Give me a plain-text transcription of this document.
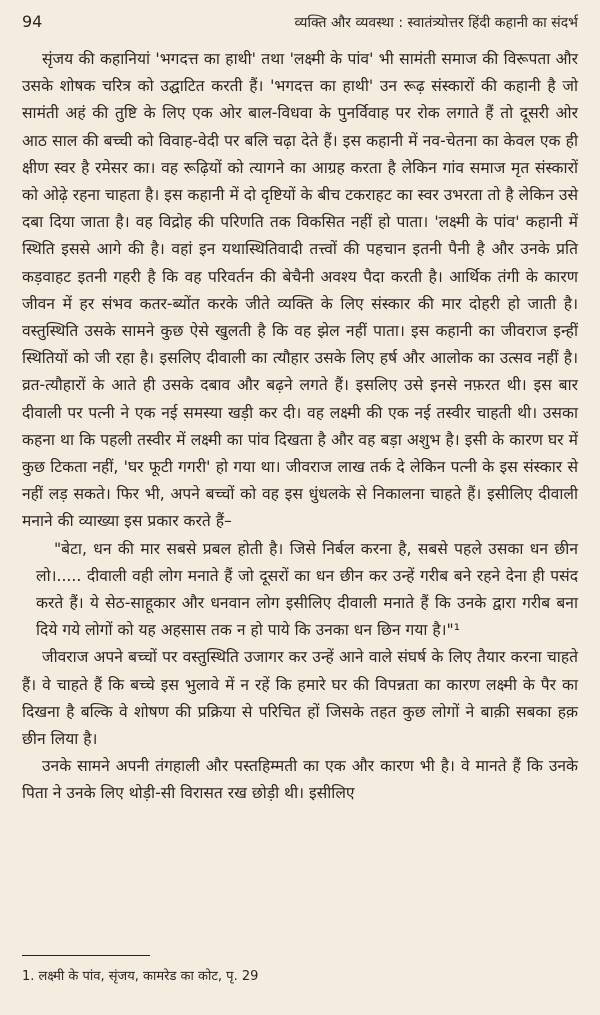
94	व्यक्ति और व्यवस्था : स्वातंत्र्योत्तर हिंदी कहानी का संदर्भ

सृंजय की कहानियां 'भगदत्त का हाथी' तथा 'लक्ष्मी के पांव' भी सामंती समाज की विरूपता और उसके शोषक चरित्र को उद्घाटित करती हैं। 'भगदत्त का हाथी' उन रूढ़ संस्कारों की कहानी है जो सामंती अहं की तुष्टि के लिए एक ओर बाल-विधवा के पुनर्विवाह पर रोक लगाते हैं तो दूसरी ओर आठ साल की बच्ची को विवाह-वेदी पर बलि चढ़ा देते हैं। इस कहानी में नव-चेतना का केवल एक ही क्षीण स्वर है रमेसर का। वह रूढ़ियों को त्यागने का आग्रह करता है लेकिन गांव समाज मृत संस्कारों को ओढ़े रहना चाहता है। इस कहानी में दो दृष्टियों के बीच टकराहट का स्वर उभरता तो है लेकिन उसे दबा दिया जाता है। वह विद्रोह की परिणति तक विकसित नहीं हो पाता। 'लक्ष्मी के पांव' कहानी में स्थिति इससे आगे की है। वहां इन यथास्थितिवादी तत्त्वों की पहचान इतनी पैनी है और उनके प्रति कड़वाहट इतनी गहरी है कि वह परिवर्तन की बेचैनी अवश्य पैदा करती है। आर्थिक तंगी के कारण जीवन में हर संभव कतर-ब्योंत करके जीते व्यक्ति के लिए संस्कार की मार दोहरी हो जाती है। वस्तुस्थिति उसके सामने कुछ ऐसे खुलती है कि वह झेल नहीं पाता। इस कहानी का जीवराज इन्हीं स्थितियों को जी रहा है। इसलिए दीवाली का त्यौहार उसके लिए हर्ष और आलोक का उत्सव नहीं है। व्रत-त्यौहारों के आते ही उसके दबाव और बढ़ने लगते हैं। इसलिए उसे इनसे नफ़रत थी। इस बार दीवाली पर पत्नी ने एक नई समस्या खड़ी कर दी। वह लक्ष्मी की एक नई तस्वीर चाहती थी। उसका कहना था कि पहली तस्वीर में लक्ष्मी का पांव दिखता है और वह बड़ा अशुभ है। इसी के कारण घर में कुछ टिकता नहीं, 'घर फूटी गगरी' हो गया था। जीवराज लाख तर्क दे लेकिन पत्नी के इस संस्कार से नहीं लड़ सकते। फिर भी, अपने बच्चों को वह इस धुंधलके से निकालना चाहते हैं। इसीलिए दीवाली मनाने की व्याख्या इस प्रकार करते हैं–

"बेटा, धन की मार सबसे प्रबल होती है। जिसे निर्बल करना है, सबसे पहले उसका धन छीन लो।..... दीवाली वही लोग मनाते हैं जो दूसरों का धन छीन कर उन्हें गरीब बने रहने देना ही पसंद करते हैं। ये सेठ-साहूकार और धनवान लोग इसीलिए दीवाली मनाते हैं कि उनके द्वारा गरीब बना दिये गये लोगों को यह अहसास तक न हो पाये कि उनका धन छिन गया है।"¹

जीवराज अपने बच्चों पर वस्तुस्थिति उजागर कर उन्हें आने वाले संघर्ष के लिए तैयार करना चाहते हैं। वे चाहते हैं कि बच्चे इस भुलावे में न रहें कि हमारे घर की विपन्नता का कारण लक्ष्मी के पैर का दिखना है बल्कि वे शोषण की प्रक्रिया से परिचित हों जिसके तहत कुछ लोगों ने बाक़ी सबका हक़ छीन लिया है।

उनके सामने अपनी तंगहाली और पस्तहिम्मती का एक और कारण भी है। वे मानते हैं कि उनके पिता ने उनके लिए थोड़ी-सी विरासत रख छोड़ी थी। इसीलिए

1. लक्ष्मी के पांव, सृंजय, कामरेड का कोट, पृ. 29
